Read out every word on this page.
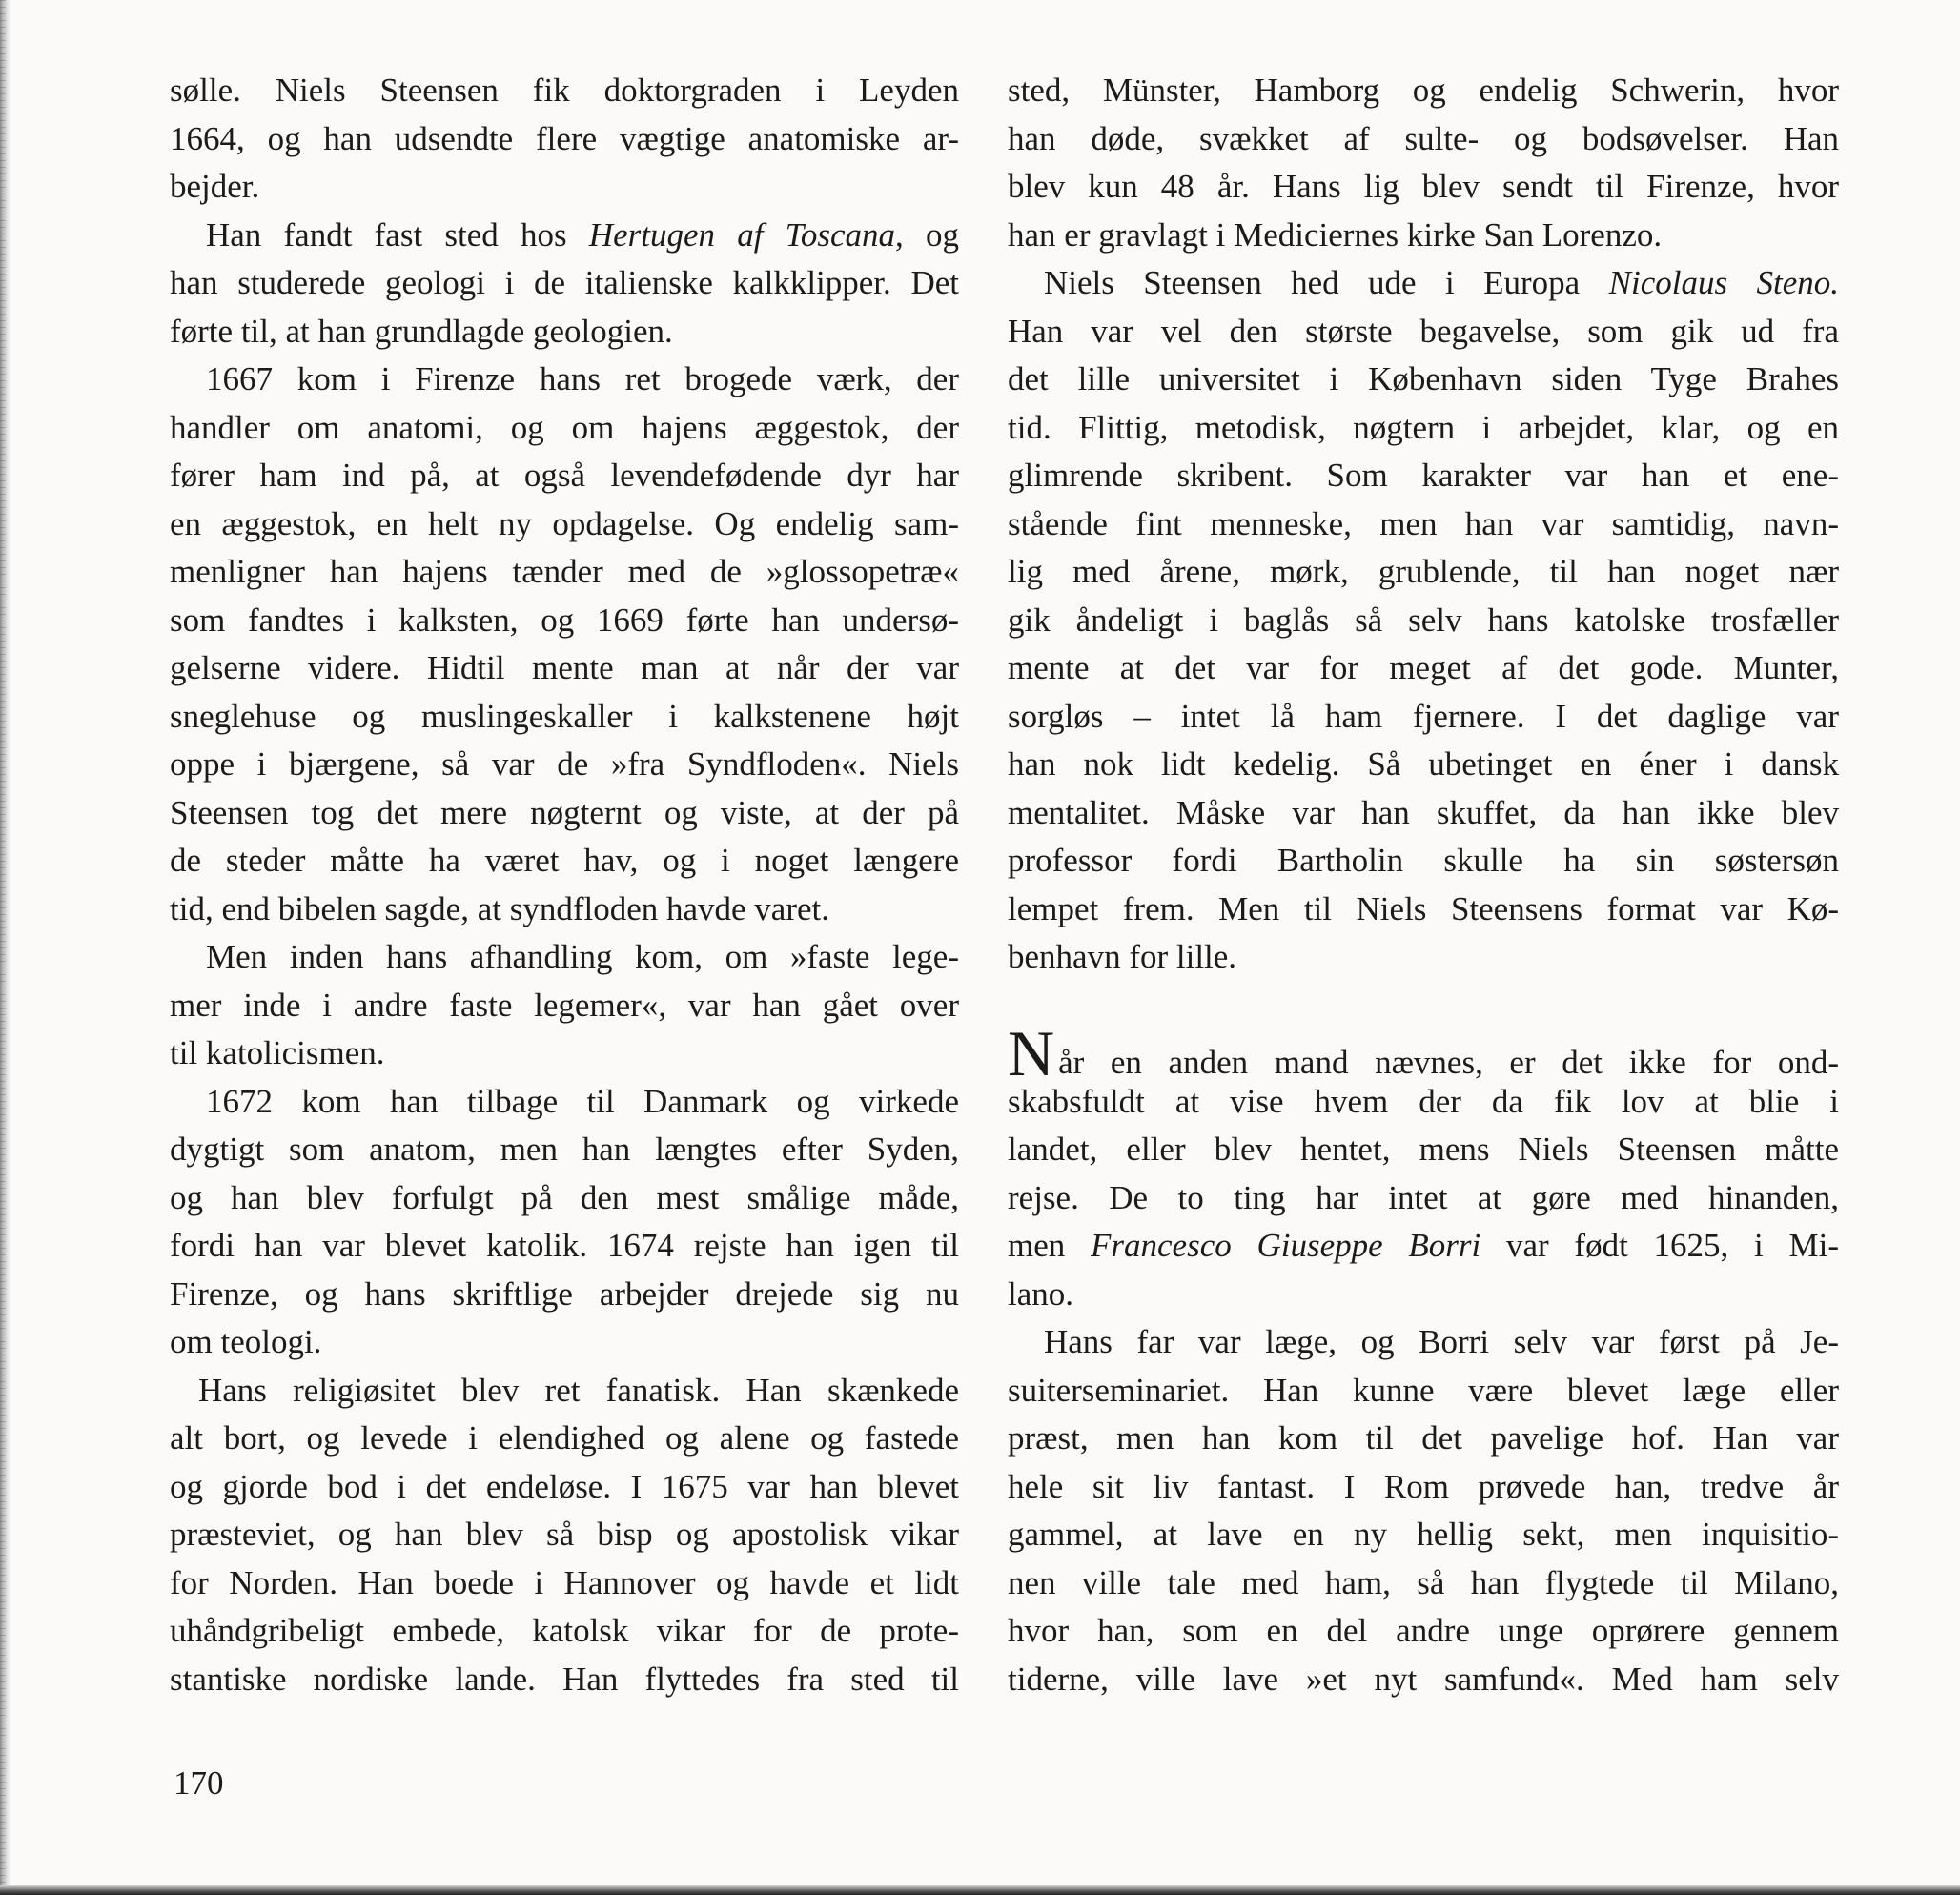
sølle. Niels Steensen fik doktorgraden i Leyden
1664, og han udsendte flere vægtige anatomiske ar-
bejder.
Han fandt fast sted hos Hertugen af Toscana, og
han studerede geologi i de italienske kalkklipper. Det
førte til, at han grundlagde geologien.
1667 kom i Firenze hans ret brogede værk, der
handler om anatomi, og om hajens æggestok, der
fører ham ind på, at også levendefødende dyr har
en æggestok, en helt ny opdagelse. Og endelig sam-
menligner han hajens tænder med de »glossopetræ«
som fandtes i kalksten, og 1669 førte han undersø-
gelserne videre. Hidtil mente man at når der var
sneglehuse og muslingeskaller i kalkstenene højt
oppe i bjærgene, så var de »fra Syndfloden«. Niels
Steensen tog det mere nøgternt og viste, at der på
de steder måtte ha været hav, og i noget længere
tid, end bibelen sagde, at syndfloden havde varet.
Men inden hans afhandling kom, om »faste lege-
mer inde i andre faste legemer«, var han gået over
til katolicismen.
1672 kom han tilbage til Danmark og virkede
dygtigt som anatom, men han længtes efter Syden,
og han blev forfulgt på den mest smålige måde,
fordi han var blevet katolik. 1674 rejste han igen til
Firenze, og hans skriftlige arbejder drejede sig nu
om teologi.
Hans religiøsitet blev ret fanatisk. Han skænkede
alt bort, og levede i elendighed og alene og fastede
og gjorde bod i det endeløse. I 1675 var han blevet
præsteviet, og han blev så bisp og apostolisk vikar
for Norden. Han boede i Hannover og havde et lidt
uhåndgribeligt embede, katolsk vikar for de prote-
stantiske nordiske lande. Han flyttedes fra sted til
sted, Münster, Hamborg og endelig Schwerin, hvor
han døde, svækket af sulte- og bodsøvelser. Han
blev kun 48 år. Hans lig blev sendt til Firenze, hvor
han er gravlagt i Mediciernes kirke San Lorenzo.
Niels Steensen hed ude i Europa Nicolaus Steno.
Han var vel den største begavelse, som gik ud fra
det lille universitet i København siden Tyge Brahes
tid. Flittig, metodisk, nøgtern i arbejdet, klar, og en
glimrende skribent. Som karakter var han et ene-
stående fint menneske, men han var samtidig, navn-
lig med årene, mørk, grublende, til han noget nær
gik åndeligt i baglås så selv hans katolske trosfæller
mente at det var for meget af det gode. Munter,
sorgløs – intet lå ham fjernere. I det daglige var
han nok lidt kedelig. Så ubetinget en éner i dansk
mentalitet. Måske var han skuffet, da han ikke blev
professor fordi Bartholin skulle ha sin søstersøn
lempet frem. Men til Niels Steensens format var Kø-
benhavn for lille.
Når en anden mand nævnes, er det ikke for ond-
skabsfuldt at vise hvem der da fik lov at blie i
landet, eller blev hentet, mens Niels Steensen måtte
rejse. De to ting har intet at gøre med hinanden,
men Francesco Giuseppe Borri var født 1625, i Mi-
lano.
Hans far var læge, og Borri selv var først på Je-
suiterseminariet. Han kunne være blevet læge eller
præst, men han kom til det pavelige hof. Han var
hele sit liv fantast. I Rom prøvede han, tredve år
gammel, at lave en ny hellig sekt, men inquisitio-
nen ville tale med ham, så han flygtede til Milano,
hvor han, som en del andre unge oprørere gennem
tiderne, ville lave »et nyt samfund«. Med ham selv
170
